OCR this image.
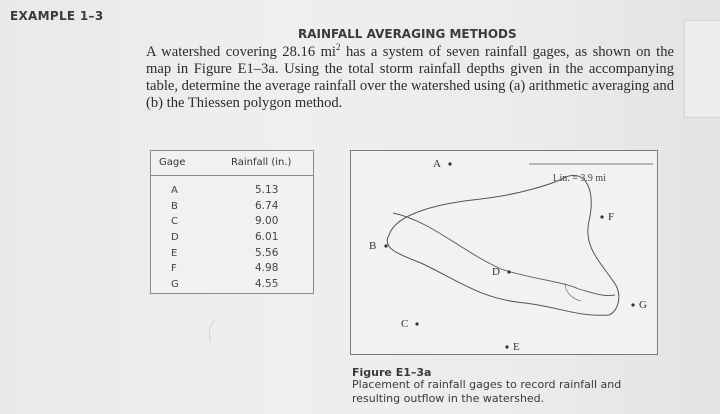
EXAMPLE 1–3
RAINFALL AVERAGING METHODS
A watershed covering 28.16 $mi^2$ has a system of seven rainfall gages, as shown on the map in Figure E1–3a. Using the total storm rainfall depths given in the accompanying table, determine the average rainfall over the watershed using (a) arithmetic averaging and (b) the Thiessen polygon method.
Gage	Rainfall (in.)
A
B
C
D
E
F
G
5.13
6.74
9.00
6.01
5.56
4.98
4.55
1 in. = 3.9 mi
A
B
C
D
E
F
G
Figure E1–3a
Placement of rainfall gages to record rainfall and resulting outflow in the watershed.
